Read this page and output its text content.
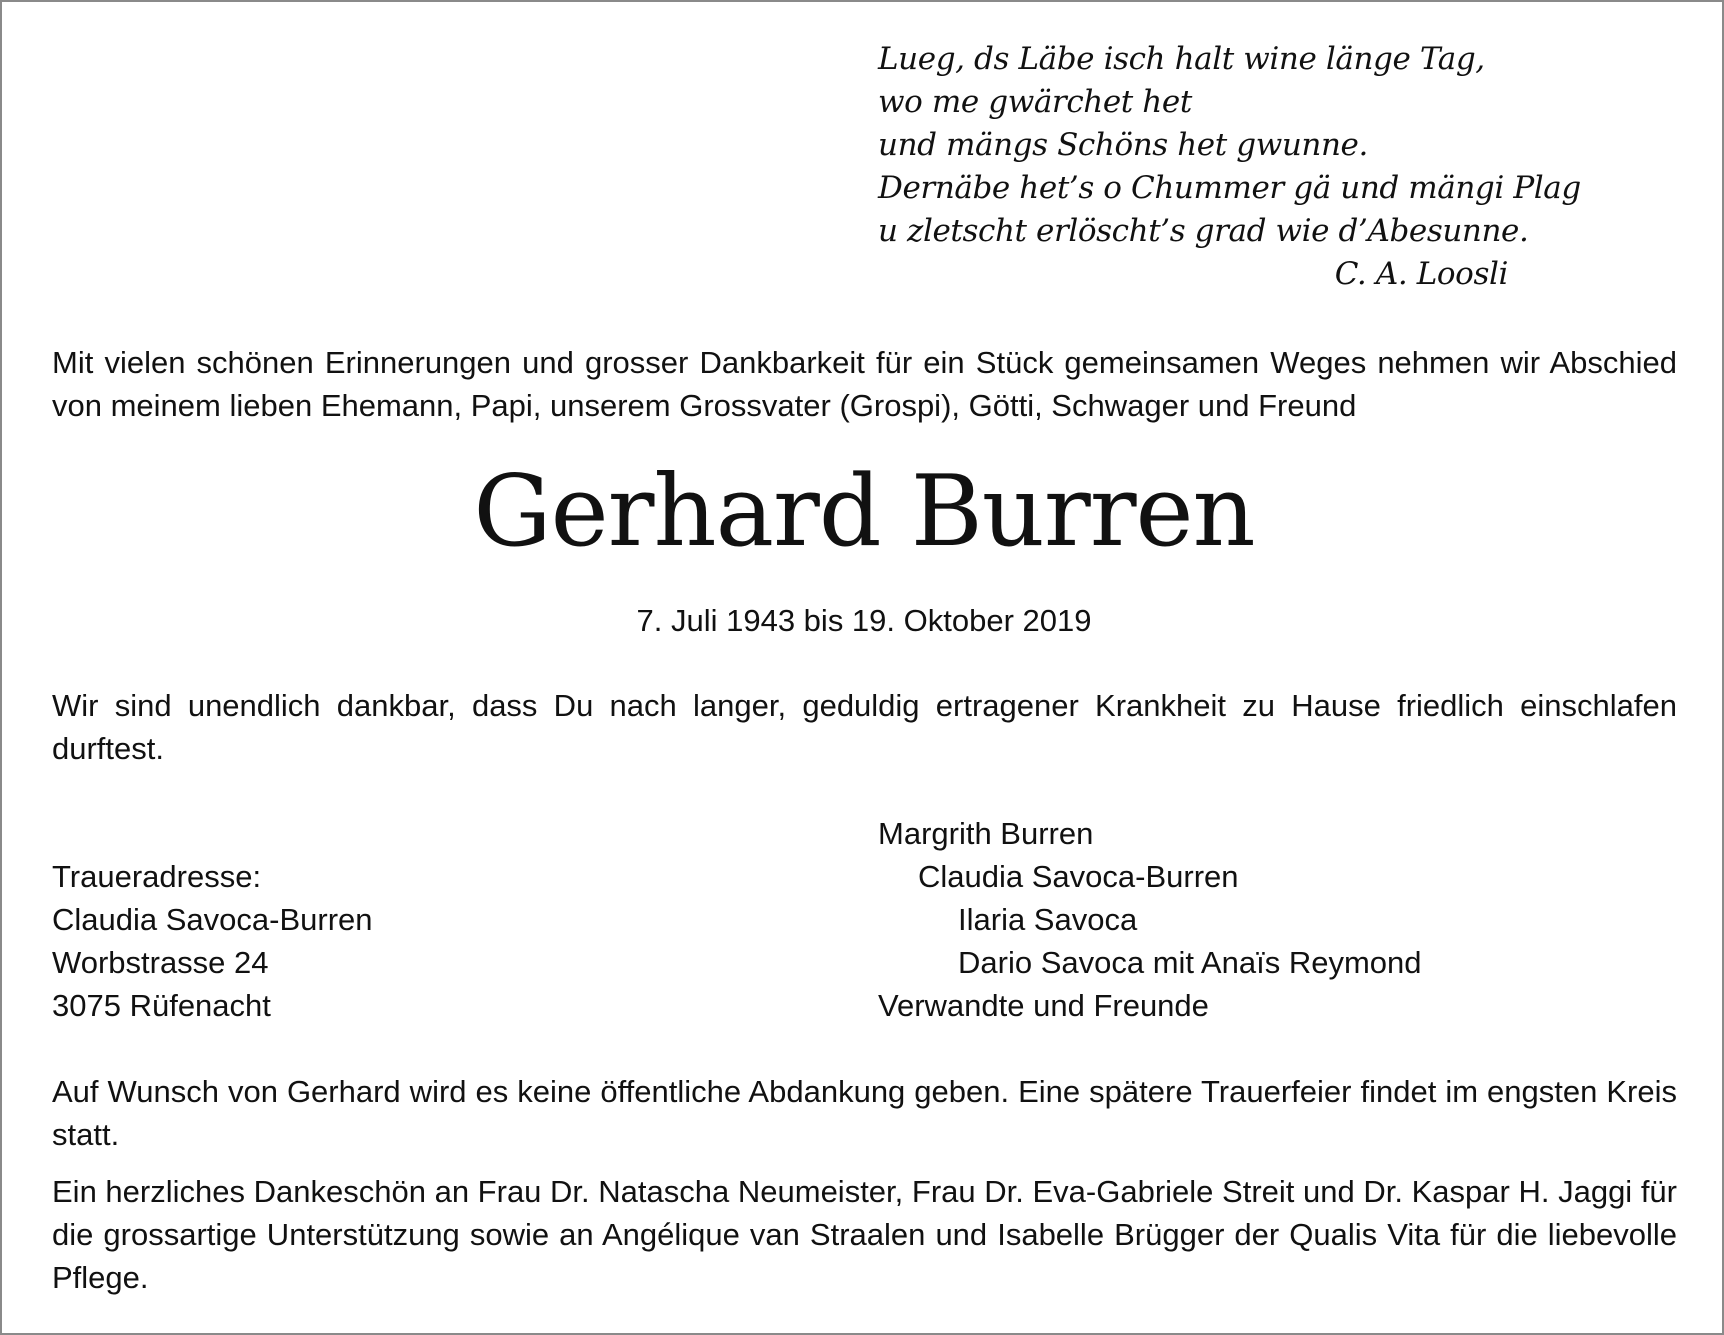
Lueg, ds Läbe isch halt wine länge Tag,
wo me gwärchet het
und mängs Schöns het gwunne.
Dernäbe het’s o Chummer gä und mängi Plag
u zletscht erlöscht’s grad wie d’Abesunne.
C. A. Loosli
Mit vielen schönen Erinnerungen und grosser Dankbarkeit für ein Stück gemeinsamen Weges nehmen wir Abschied von meinem lieben Ehemann, Papi, unserem Grossvater (Grospi), Götti, Schwager und Freund
Gerhard Burren
7. Juli 1943 bis 19. Oktober 2019
Wir sind unendlich dankbar, dass Du nach langer, geduldig ertragener Krankheit zu Hause friedlich einschlafen durftest.
Traueradresse:
Claudia Savoca-Burren
Worbstrasse 24
3075 Rüfenacht
Margrith Burren
Claudia Savoca-Burren
Ilaria Savoca
Dario Savoca mit Anaïs Reymond
Verwandte und Freunde
Auf Wunsch von Gerhard wird es keine öffentliche Abdankung geben. Eine spätere Trauerfeier findet im engsten Kreis statt.
Ein herzliches Dankeschön an Frau Dr. Natascha Neumeister, Frau Dr. Eva-Gabriele Streit und Dr. Kaspar H. Jaggi für die grossartige Unterstützung sowie an Angélique van Straalen und Isabelle Brügger der Qualis Vita für die liebevolle Pflege.
